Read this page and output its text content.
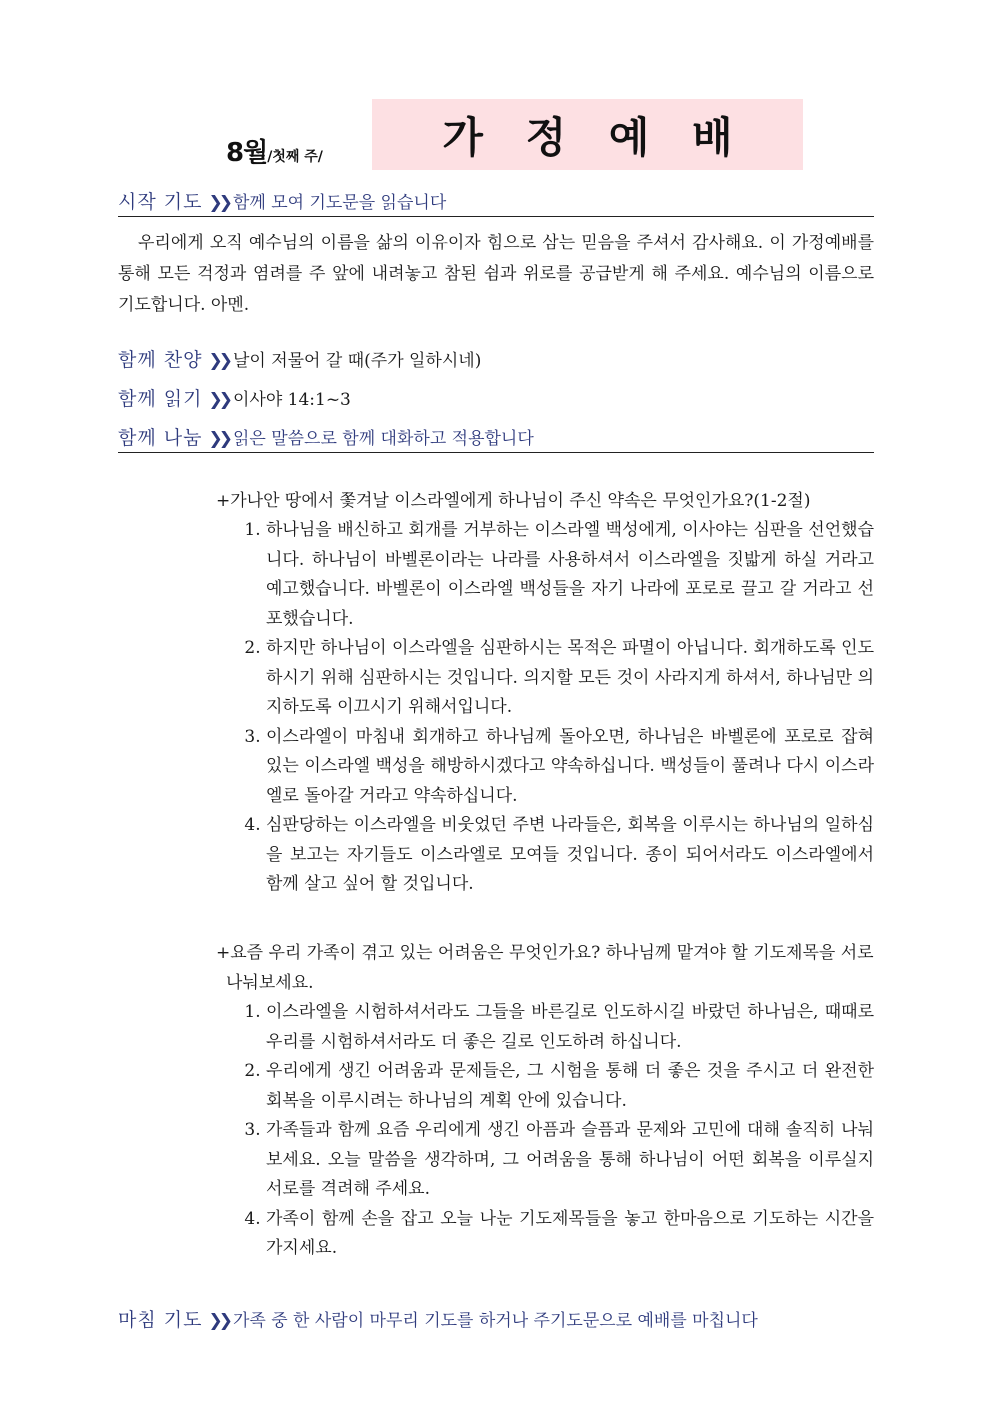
8월/첫째 주/	가 정 예 배
시작 기도 ❯❯ 함께 모여 기도문을 읽습니다
우리에게 오직 예수님의 이름을 삶의 이유이자 힘으로 삼는 믿음을 주셔서 감사해요. 이 가정예배를 통해 모든 걱정과 염려를 주 앞에 내려놓고 참된 쉼과 위로를 공급받게 해 주세요. 예수님의 이름으로 기도합니다. 아멘.
함께 찬양 ❯❯ 날이 저물어 갈 때(주가 일하시네)
함께 읽기 ❯❯ 이사야 14:1~3
함께 나눔 ❯❯ 읽은 말씀으로 함께 대화하고 적용합니다

+가나안 땅에서 쫓겨날 이스라엘에게 하나님이 주신 약속은 무엇인가요?(1-2절)

1. 하나님을 배신하고 회개를 거부하는 이스라엘 백성에게, 이사야는 심판을 선언했습니다. 하나님이 바벨론이라는 나라를 사용하셔서 이스라엘을 짓밟게 하실 거라고 예고했습니다. 바벨론이 이스라엘 백성들을 자기 나라에 포로로 끌고 갈 거라고 선포했습니다.
2. 하지만 하나님이 이스라엘을 심판하시는 목적은 파멸이 아닙니다. 회개하도록 인도하시기 위해 심판하시는 것입니다. 의지할 모든 것이 사라지게 하셔서, 하나님만 의지하도록 이끄시기 위해서입니다.
3. 이스라엘이 마침내 회개하고 하나님께 돌아오면, 하나님은 바벨론에 포로로 잡혀 있는 이스라엘 백성을 해방하시겠다고 약속하십니다. 백성들이 풀려나 다시 이스라엘로 돌아갈 거라고 약속하십니다.
4. 심판당하는 이스라엘을 비웃었던 주변 나라들은, 회복을 이루시는 하나님의 일하심을 보고는 자기들도 이스라엘로 모여들 것입니다. 종이 되어서라도 이스라엘에서 함께 살고 싶어 할 것입니다.

+요즘 우리 가족이 겪고 있는 어려움은 무엇인가요? 하나님께 맡겨야 할 기도제목을 서로 나눠보세요.

1. 이스라엘을 시험하셔서라도 그들을 바른길로 인도하시길 바랐던 하나님은, 때때로 우리를 시험하셔서라도 더 좋은 길로 인도하려 하십니다.
2. 우리에게 생긴 어려움과 문제들은, 그 시험을 통해 더 좋은 것을 주시고 더 완전한 회복을 이루시려는 하나님의 계획 안에 있습니다.
3. 가족들과 함께 요즘 우리에게 생긴 아픔과 슬픔과 문제와 고민에 대해 솔직히 나눠보세요. 오늘 말씀을 생각하며, 그 어려움을 통해 하나님이 어떤 회복을 이루실지 서로를 격려해 주세요.
4. 가족이 함께 손을 잡고 오늘 나눈 기도제목들을 놓고 한마음으로 기도하는 시간을 가지세요.
마침 기도 ❯❯ 가족 중 한 사람이 마무리 기도를 하거나 주기도문으로 예배를 마칩니다
